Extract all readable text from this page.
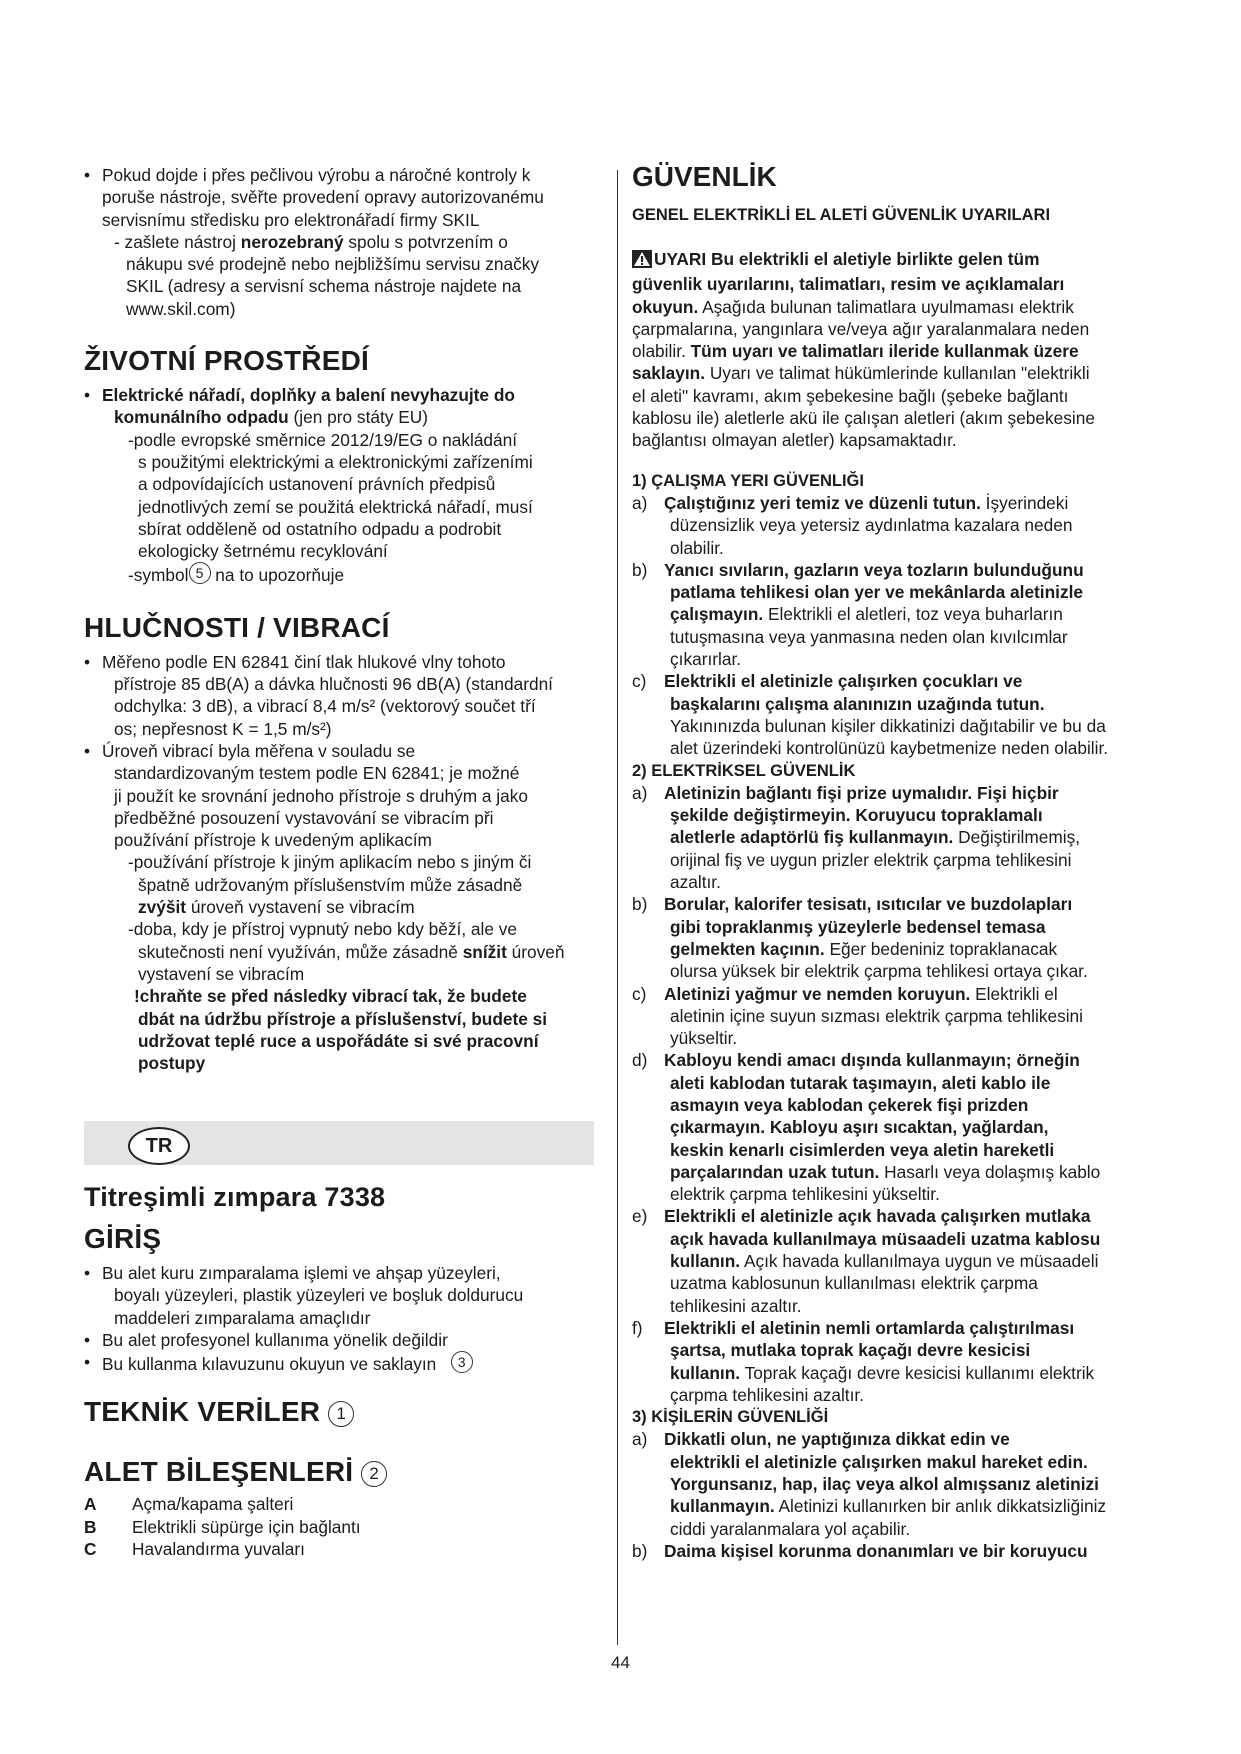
• Pokud dojde i přes pečlivou výrobu a náročné kontroly k
poruše nástroje, svěřte provedení opravy autorizovanému
servisnímu středisku pro elektronářadí firmy SKIL
- zašlete nástroj nerozebraný spolu s potvrzením o
nákupu své prodejně nebo nejbližšímu servisu značky
SKIL (adresy a servisní schema nástroje najdete na
www.skil.com)
ŽIVOTNÍ PROSTŘEDÍ
• Elektrické nářadí, doplňky a balení nevyhazujte do
komunálního odpadu (jen pro státy EU)
-podle evropské směrnice 2012/19/EG o nakládání
s použitými elektrickými a elektronickými zařízeními
a odpovídajících ustanovení právních předpisů
jednotlivých zemí se použitá elektrická nářadí, musí
sbírat odděleně od ostatního odpadu a podrobit
ekologicky šetrnému recyklování
-symbol 5 na to upozorňuje
HLUČNOSTI / VIBRACÍ
• Měřeno podle EN 62841 činí tlak hlukové vlny tohoto
přístroje 85 dB(A) a dávka hlučnosti 96 dB(A) (standardní
odchylka: 3 dB), a vibrací 8,4 m/s² (vektorový součet tří
os; nepřesnost K = 1,5 m/s²)
• Úroveň vibrací byla měřena v souladu se
standardizovaným testem podle EN 62841; je možné
ji použít ke srovnání jednoho přístroje s druhým a jako
předběžné posouzení vystavování se vibracím při
používání přístroje k uvedeným aplikacím
-používání přístroje k jiným aplikacím nebo s jiným či
špatně udržovaným příslušenstvím může zásadně
zvýšit úroveň vystavení se vibracím
-doba, kdy je přístroj vypnutý nebo kdy běží, ale ve
skutečnosti není využíván, může zásadně snížit úroveň
vystavení se vibracím
!chraňte se před následky vibrací tak, že budete
dbát na údržbu přístroje a příslušenství, budete si
udržovat teplé ruce a uspořádáte si své pracovní
postupy
TR
Titreşimli zımpara 7338
GİRİŞ
• Bu alet kuru zımparalama işlemi ve ahşap yüzeyleri,
boyalı yüzeyleri, plastik yüzeyleri ve boşluk doldurucu
maddeleri zımparalama amaçlıdır
• Bu alet profesyonel kullanıma yönelik değildir
• Bu kullanma kılavuzunu okuyun ve saklayın 3
TEKNİK VERİLER 1
ALET BİLEŞENLERİ 2
A	Açma/kapama şalteri
B	Elektrikli süpürge için bağlantı
C	Havalandırma yuvaları
GÜVENLİK
GENEL ELEKTRİKLİ EL ALETİ GÜVENLİK UYARILARI
UYARI Bu elektrikli el aletiyle birlikte gelen tüm
güvenlik uyarılarını, talimatları, resim ve açıklamaları
okuyun. Aşağıda bulunan talimatlara uyulmaması elektrik
çarpmalarına, yangınlara ve/veya ağır yaralanmalara neden
olabilir. Tüm uyarı ve talimatları ileride kullanmak üzere
saklayın. Uyarı ve talimat hükümlerinde kullanılan "elektrikli
el aleti" kavramı, akım şebekesine bağlı (şebeke bağlantı
kablosu ile) aletlerle akü ile çalışan aletleri (akım şebekesine
bağlantısı olmayan aletler) kapsamaktadır.
1) ÇALIŞMA YERI GÜVENLIĞI
a) Çalıştığınız yeri temiz ve düzenli tutun. İşyerindeki
düzensizlik veya yetersiz aydınlatma kazalara neden
olabilir.
b) Yanıcı sıvıların, gazların veya tozların bulunduğunu
patlama tehlikesi olan yer ve mekânlarda aletinizle
çalışmayın. Elektrikli el aletleri, toz veya buharların
tutuşmasına veya yanmasına neden olan kıvılcımlar
çıkarırlar.
c) Elektrikli el aletinizle çalışırken çocukları ve
başkalarını çalışma alanınızın uzağında tutun.
Yakınınızda bulunan kişiler dikkatinizi dağıtabilir ve bu da
alet üzerindeki kontrolünüzü kaybetmenize neden olabilir.
2) ELEKTRİKSEL GÜVENLİK
a) Aletinizin bağlantı fişi prize uymalıdır. Fişi hiçbir
şekilde değiştirmeyin. Koruyucu topraklamalı
aletlerle adaptörlü fiş kullanmayın. Değiştirilmemiş,
orijinal fiş ve uygun prizler elektrik çarpma tehlikesini
azaltır.
b) Borular, kalorifer tesisatı, ısıtıcılar ve buzdolapları
gibi topraklanmış yüzeylerle bedensel temasa
gelmekten kaçının. Eğer bedeniniz topraklanacak
olursa yüksek bir elektrik çarpma tehlikesi ortaya çıkar.
c) Aletinizi yağmur ve nemden koruyun. Elektrikli el
aletinin içine suyun sızması elektrik çarpma tehlikesini
yükseltir.
d) Kabloyu kendi amacı dışında kullanmayın; örneğin
aleti kablodan tutarak taşımayın, aleti kablo ile
asmayın veya kablodan çekerek fişi prizden
çıkarmayın. Kabloyu aşırı sıcaktan, yağlardan,
keskin kenarlı cisimlerden veya aletin hareketli
parçalarından uzak tutun. Hasarlı veya dolaşmış kablo
elektrik çarpma tehlikesini yükseltir.
e) Elektrikli el aletinizle açık havada çalışırken mutlaka
açık havada kullanılmaya müsaadeli uzatma kablosu
kullanın. Açık havada kullanılmaya uygun ve müsaadeli
uzatma kablosunun kullanılması elektrik çarpma
tehlikesini azaltır.
f) Elektrikli el aletinin nemli ortamlarda çalıştırılması
şartsa, mutlaka toprak kaçağı devre kesicisi
kullanın. Toprak kaçağı devre kesicisi kullanımı elektrik
çarpma tehlikesini azaltır.
3) KİŞİLERİN GÜVENLİĞİ
a) Dikkatli olun, ne yaptığınıza dikkat edin ve
elektrikli el aletinizle çalışırken makul hareket edin.
Yorgunsanız, hap, ilaç veya alkol almışsanız aletinizi
kullanmayın. Aletinizi kullanırken bir anlık dikkatsizliğiniz
ciddi yaralanmalara yol açabilir.
b) Daima kişisel korunma donanımları ve bir koruyucu
44
